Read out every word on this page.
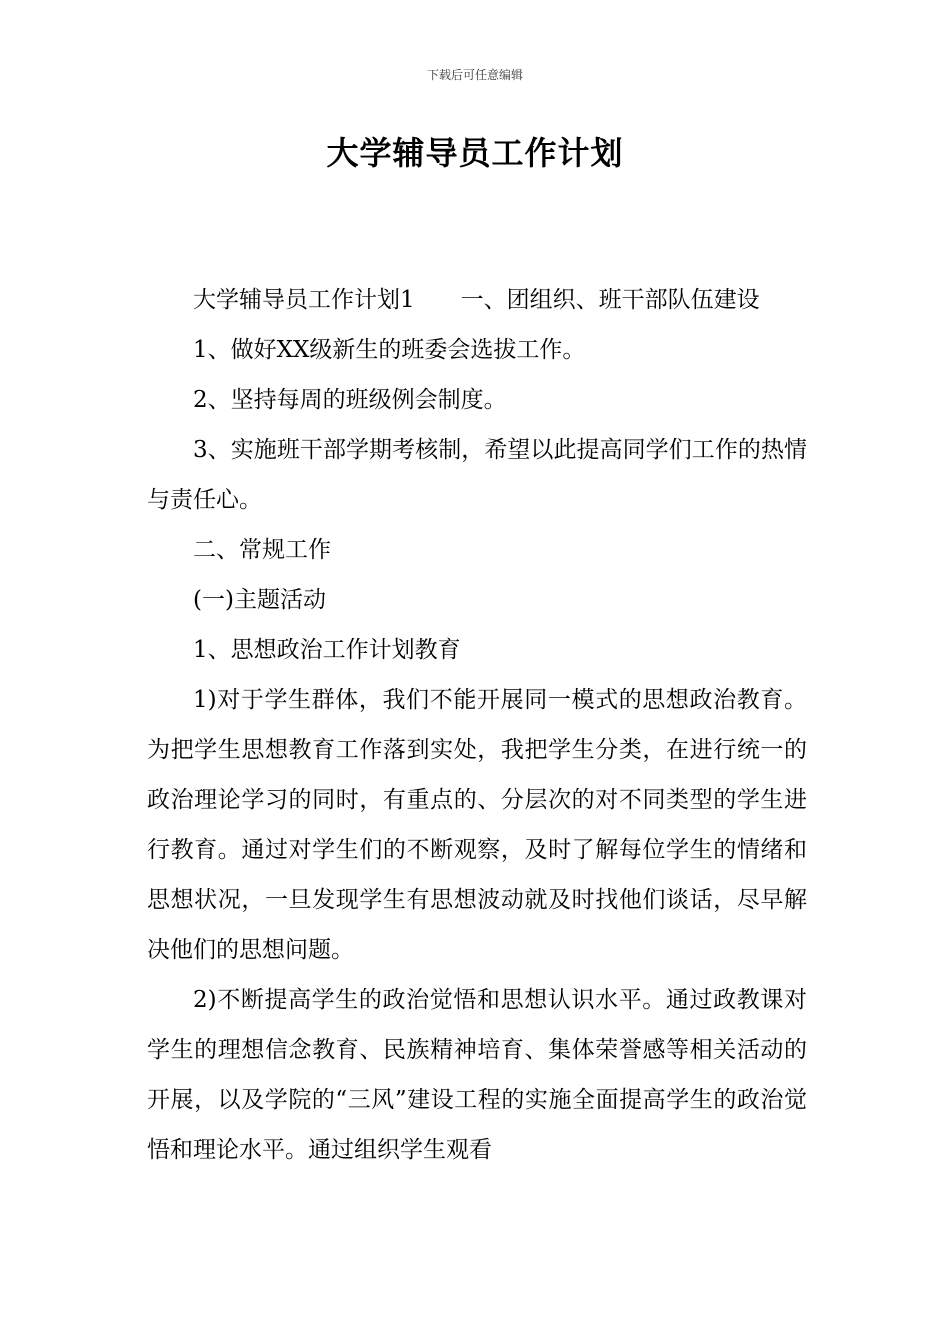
下载后可任意编辑
大学辅导员工作计划

大学辅导员工作计划1　　一、团组织、班干部队伍建设

1、做好XX级新生的班委会选拔工作。

2、坚持每周的班级例会制度。

3、实施班干部学期考核制，希望以此提高同学们工作的热情与责任心。

二、常规工作

(一)主题活动

1、思想政治工作计划教育

1)对于学生群体，我们不能开展同一模式的思想政治教育。为把学生思想教育工作落到实处，我把学生分类，在进行统一的政治理论学习的同时，有重点的、分层次的对不同类型的学生进行教育。通过对学生们的不断观察，及时了解每位学生的情绪和思想状况，一旦发现学生有思想波动就及时找他们谈话，尽早解决他们的思想问题。

2)不断提高学生的政治觉悟和思想认识水平。通过政教课对学生的理想信念教育、民族精神培育、集体荣誉感等相关活动的开展，以及学院的“三风”建设工程的实施全面提高学生的政治觉悟和理论水平。通过组织学生观看
